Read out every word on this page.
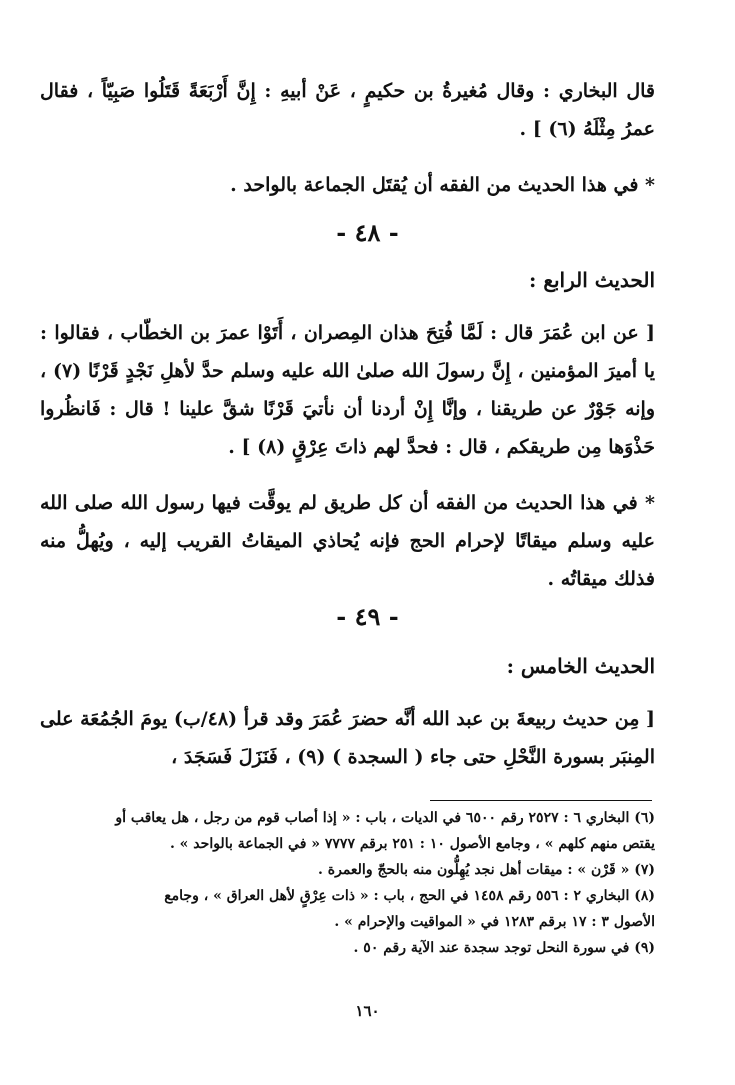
قال البخاري : وقال مُغيرةُ بن حكيمٍ ، عَنْ أبيهِ : إِنَّ أَرْبَعَةً قَتَلُوا صَبِيّاً ، فقال عمرُ مِثْلَهُ (٦) ] .
* في هذا الحديث من الفقه أن يُقتَل الجماعة بالواحد .
- ٤٨ -
الحديث الرابع :
[ عن ابن عُمَرَ قال : لَمَّا فُتِحَ هذان المِصران ، أَتَوْا عمرَ بن الخطّاب ، فقالوا : يا أميرَ المؤمنين ، إِنَّ رسولَ الله صلىٰ الله عليه وسلم حدَّ لأهلِ نَجْدٍ قَرْنًا (٧) ، وإنه جَوْرٌ عن طريقنا ، وإنَّا إِنْ أردنا أن نأتيَ قَرْنًا شقَّ علينا ! قال : فَانظُروا حَذْوَها مِن طريقكم ، قال : فحدَّ لهم ذاتَ عِرْقٍ (٨) ] .
* في هذا الحديث من الفقه أن كل طريق لم يوقَّت فيها رسول الله صلى الله عليه وسلم ميقاتًا لإحرام الحج فإنه يُحاذي الميقاتُ القريب إليه ، ويُهلُّ منه فذلك ميقاتُه .
- ٤٩ -
الحديث الخامس :
[ مِن حديث ربيعةَ بن عبد الله أنَّه حضرَ عُمَرَ وقد قرأ (٤٨/ب) يومَ الجُمُعَة على المِنبَر بسورة النَّحْلِ حتى جاء ( السجدة ) (٩) ، فَنَزَلَ فَسَجَدَ ،
(٦) البخاري ٦ : ٢٥٢٧ رقم ٦٥٠٠ في الديات ، باب : « إذا أصاب قوم من رجل ، هل يعاقب أو
يقتص منهم كلهم » ، وجامع الأصول ١٠ : ٢٥١ برقم ٧٧٧٧ « في الجماعة بالواحد » .
(٧) « قَرْن » : ميقات أهل نجد يُهِلُّون منه بالحجّ والعمرة .
(٨) البخاري ٢ : ٥٥٦ رقم ١٤٥٨ في الحج ، باب : « ذات عِرْقٍ لأهل العراق » ، وجامع
الأصول ٣ : ١٧ برقم ١٢٨٣ في « المواقيت والإحرام » .
(٩) في سورة النحل توجد سجدة عند الآية رقم ٥٠ .
١٦٠
